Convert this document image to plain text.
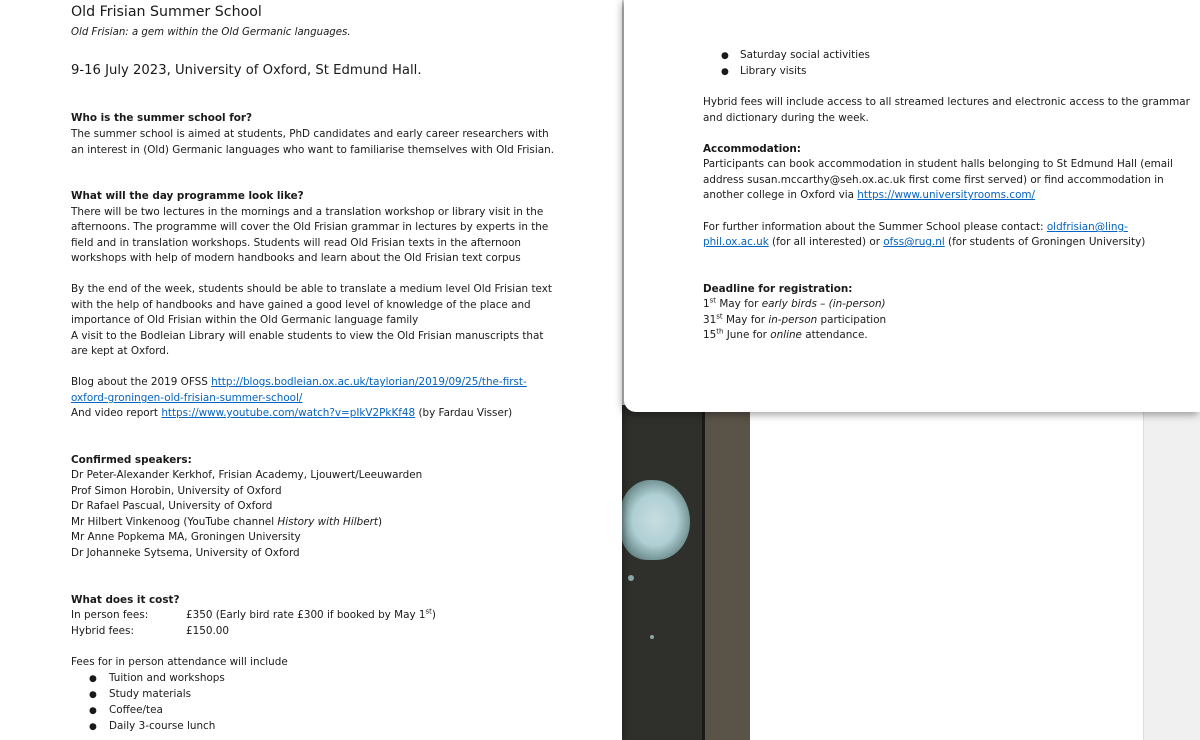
Old Frisian Summer School
Old Frisian: a gem within the Old Germanic languages.
9-16 July 2023, University of Oxford, St Edmund Hall.
Who is the summer school for?
The summer school is aimed at students, PhD candidates and early career researchers with
an interest in (Old) Germanic languages who want to familiarise themselves with Old Frisian.
What will the day programme look like?
There will be two lectures in the mornings and a translation workshop or library visit in the
afternoons. The programme will cover the Old Frisian grammar in lectures by experts in the
field and in translation workshops. Students will read Old Frisian texts in the afternoon
workshops with help of modern handbooks and learn about the Old Frisian text corpus
By the end of the week, students should be able to translate a medium level Old Frisian text
with the help of handbooks and have gained a good level of knowledge of the place and
importance of Old Frisian within the Old Germanic language family
A visit to the Bodleian Library will enable students to view the Old Frisian manuscripts that
are kept at Oxford.
Blog about the 2019 OFSS http://blogs.bodleian.ox.ac.uk/taylorian/2019/09/25/the-first-
oxford-groningen-old-frisian-summer-school/
And video report https://www.youtube.com/watch?v=pIkV2PkKf48 (by Fardau Visser)
Confirmed speakers:
Dr Peter-Alexander Kerkhof, Frisian Academy, Ljouwert/Leeuwarden
Prof Simon Horobin, University of Oxford
Dr Rafael Pascual, University of Oxford
Mr Hilbert Vinkenoog (YouTube channel History with Hilbert)
Mr Anne Popkema MA, Groningen University
Dr Johanneke Sytsema, University of Oxford
What does it cost?
In person fees:	£350 (Early bird rate £300 if booked by May 1st)
Hybrid fees:	£150.00
Fees for in person attendance will include
● Tuition and workshops
● Study materials
● Coffee/tea
● Daily 3-course lunch
● Saturday social activities
● Library visits
Hybrid fees will include access to all streamed lectures and electronic access to the grammar
and dictionary during the week.
Accommodation:
Participants can book accommodation in student halls belonging to St Edmund Hall (email
address susan.mccarthy@seh.ox.ac.uk first come first served) or find accommodation in
another college in Oxford via https://www.universityrooms.com/
For further information about the Summer School please contact: oldfrisian@ling-
phil.ox.ac.uk (for all interested) or ofss@rug.nl (for students of Groningen University)
Deadline for registration:
1st May for early birds – (in-person)
31st May for in-person participation
15th June for online attendance.
